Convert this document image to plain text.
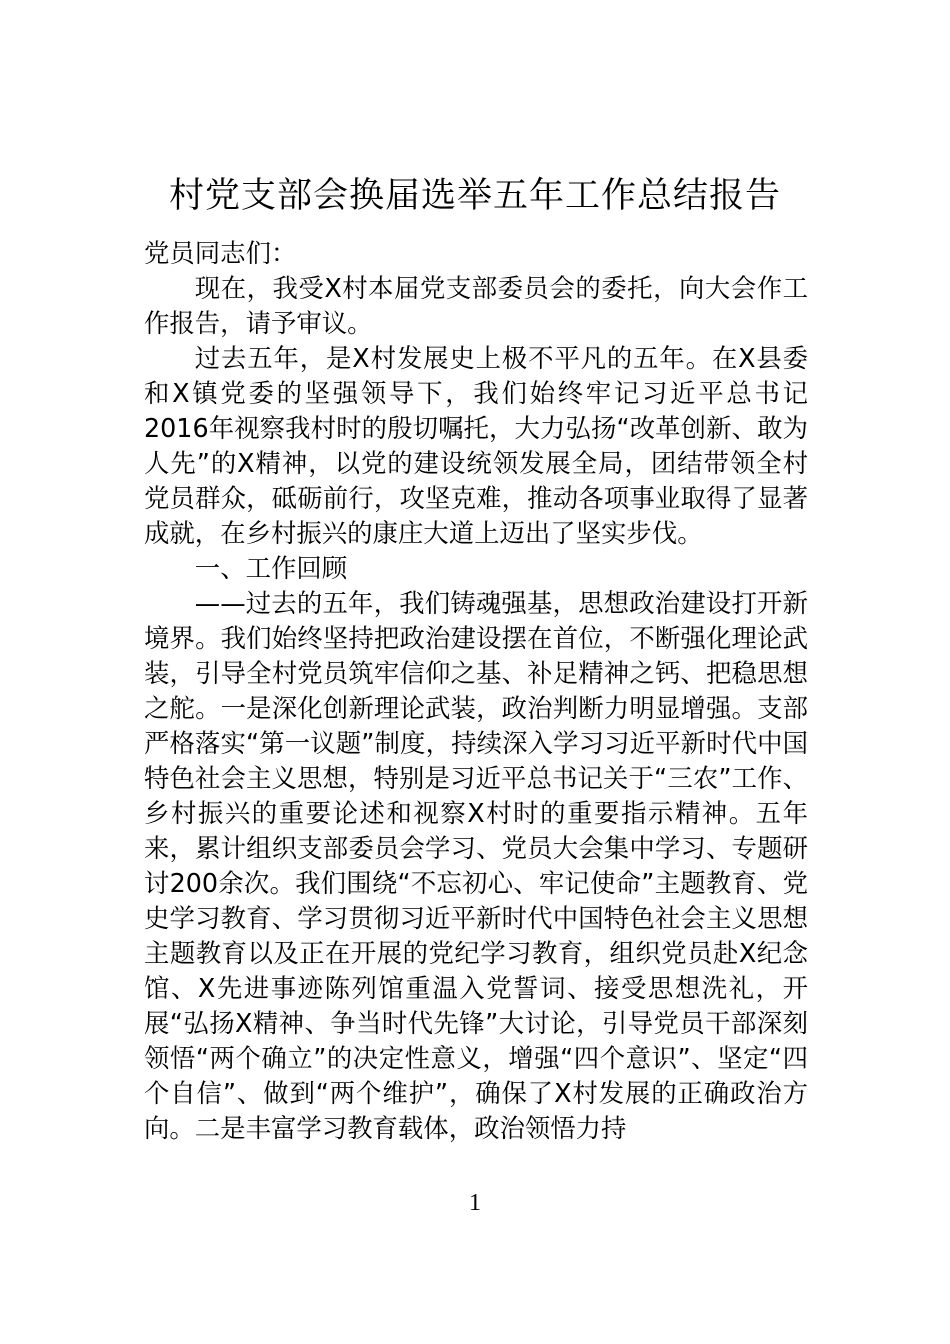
村党支部会换届选举五年工作总结报告

党员同志们：

现在，我受X村本届党支部委员会的委托，向大会作工作报告，请予审议。

过去五年，是X村发展史上极不平凡的五年。在X县委和X镇党委的坚强领导下，我们始终牢记习近平总书记2016年视察我村时的殷切嘱托，大力弘扬“改革创新、敢为人先”的X精神，以党的建设统领发展全局，团结带领全村党员群众，砥砺前行，攻坚克难，推动各项事业取得了显著成就，在乡村振兴的康庄大道上迈出了坚实步伐。

一、工作回顾

——过去的五年，我们铸魂强基，思想政治建设打开新境界。我们始终坚持把政治建设摆在首位，不断强化理论武装，引导全村党员筑牢信仰之基、补足精神之钙、把稳思想之舵。一是深化创新理论武装，政治判断力明显增强。支部严格落实“第一议题”制度，持续深入学习习近平新时代中国特色社会主义思想，特别是习近平总书记关于“三农”工作、乡村振兴的重要论述和视察X村时的重要指示精神。五年来，累计组织支部委员会学习、党员大会集中学习、专题研讨200余次。我们围绕“不忘初心、牢记使命”主题教育、党史学习教育、学习贯彻习近平新时代中国特色社会主义思想主题教育以及正在开展的党纪学习教育，组织党员赴X纪念馆、X先进事迹陈列馆重温入党誓词、接受思想洗礼，开展“弘扬X精神、争当时代先锋”大讨论，引导党员干部深刻领悟“两个确立”的决定性意义，增强“四个意识”、坚定“四个自信”、做到“两个维护”，确保了X村发展的正确政治方向。二是丰富学习教育载体，政治领悟力持

1
